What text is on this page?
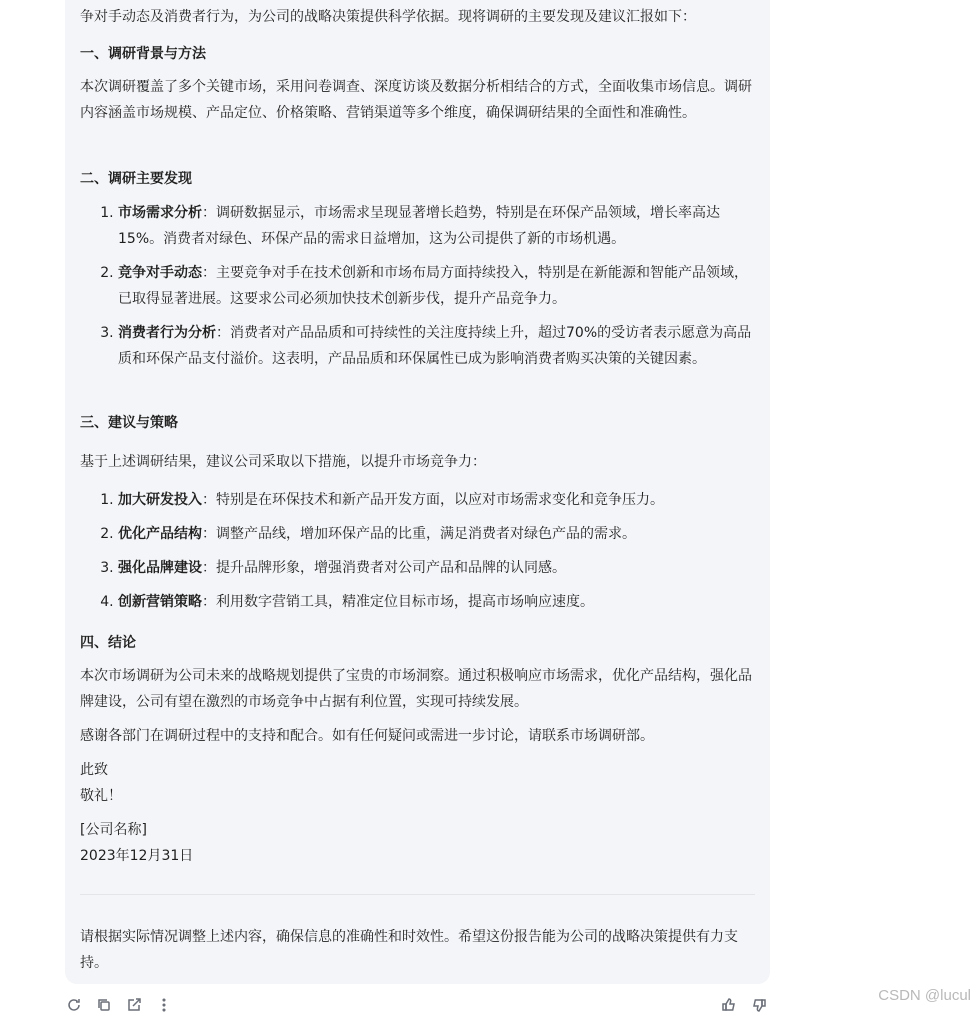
争对手动态及消费者行为，为公司的战略决策提供科学依据。现将调研的主要发现及建议汇报如下：

一、调研背景与方法

本次调研覆盖了多个关键市场，采用问卷调查、深度访谈及数据分析相结合的方式，全面收集市场信息。调研内容涵盖市场规模、产品定位、价格策略、营销渠道等多个维度，确保调研结果的全面性和准确性。

二、调研主要发现

1. 市场需求分析：调研数据显示，市场需求呈现显著增长趋势，特别是在环保产品领域，增长率高达15%。消费者对绿色、环保产品的需求日益增加，这为公司提供了新的市场机遇。
2. 竞争对手动态：主要竞争对手在技术创新和市场布局方面持续投入，特别是在新能源和智能产品领域，已取得显著进展。这要求公司必须加快技术创新步伐，提升产品竞争力。
3. 消费者行为分析：消费者对产品品质和可持续性的关注度持续上升，超过70%的受访者表示愿意为高品质和环保产品支付溢价。这表明，产品品质和环保属性已成为影响消费者购买决策的关键因素。

三、建议与策略

基于上述调研结果，建议公司采取以下措施，以提升市场竞争力：

1. 加大研发投入：特别是在环保技术和新产品开发方面，以应对市场需求变化和竞争压力。
2. 优化产品结构：调整产品线，增加环保产品的比重，满足消费者对绿色产品的需求。
3. 强化品牌建设：提升品牌形象，增强消费者对公司产品和品牌的认同感。
4. 创新营销策略：利用数字营销工具，精准定位目标市场，提高市场响应速度。

四、结论

本次市场调研为公司未来的战略规划提供了宝贵的市场洞察。通过积极响应市场需求，优化产品结构，强化品牌建设，公司有望在激烈的市场竞争中占据有利位置，实现可持续发展。

感谢各部门在调研过程中的支持和配合。如有任何疑问或需进一步讨论，请联系市场调研部。

此致

敬礼！

[公司名称]

2023年12月31日

请根据实际情况调整上述内容，确保信息的准确性和时效性。希望这份报告能为公司的战略决策提供有力支持。

CSDN @lucul
